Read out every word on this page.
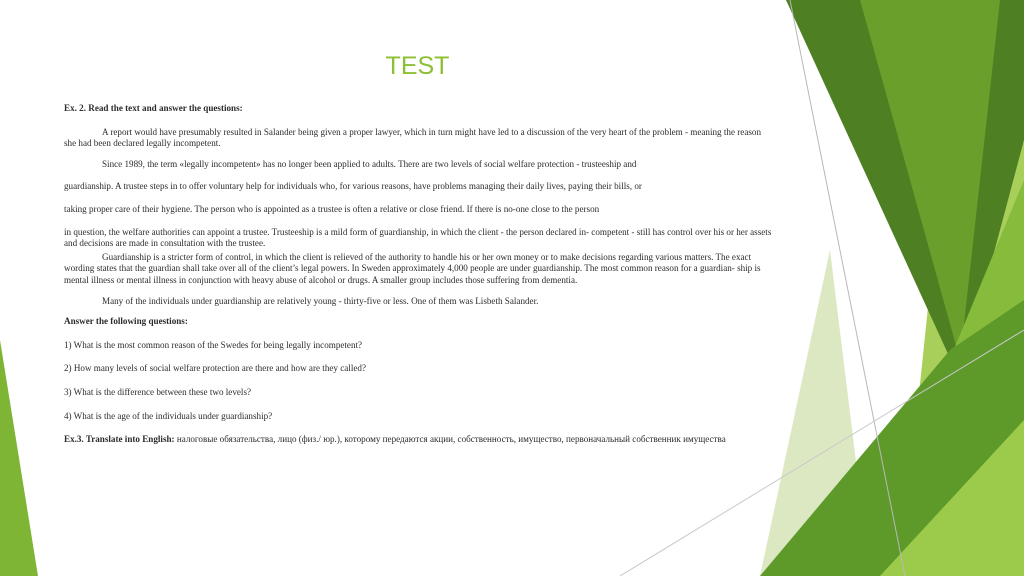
TEST

Ex. 2. Read the text and answer the questions:

A report would have presumably resulted in Salander being given a proper lawyer, which in turn might have led to a discussion of the very heart of the problem - meaning the reason she had been declared legally incompetent.

Since 1989, the term «legally incompetent» has no longer been applied to adults. There are two levels of social welfare protection - trusteeship and

guardianship. A trustee steps in to offer voluntary help for individuals who, for various reasons, have problems managing their daily lives, paying their bills, or

taking proper care of their hygiene. The person who is appointed as a trustee is often a relative or close friend. If there is no-one close to the person

in question, the welfare authorities can appoint a trustee. Trusteeship is a mild form of guardianship, in which the client - the person declared in- competent - still has control over his or her assets and decisions are made in consultation with the trustee.

Guardianship is a stricter form of control, in which the client is relieved of the authority to handle his or her own money or to make decisions regarding various matters. The exact wording states that the guardian shall take over all of the client’s legal powers. In Sweden approximately 4,000 people are under guardianship. The most common reason for a guardian- ship is mental illness or mental illness in conjunction with heavy abuse of alcohol or drugs. A smaller group includes those suffering from dementia.

Many of the individuals under guardianship are relatively young - thirty-five or less. One of them was Lisbeth Salander.

Answer the following questions:

1) What is the most common reason of the Swedes for being legally incompetent?

2) How many levels of social welfare protection are there and how are they called?

3) What is the difference between these two levels?

4) What is the age of the individuals under guardianship?

Ex.3. Translate into English: налоговые обязательства, лицо (физ./ юр.), которому передаются акции, собственность, имущество, первоначальный собственник имущества
